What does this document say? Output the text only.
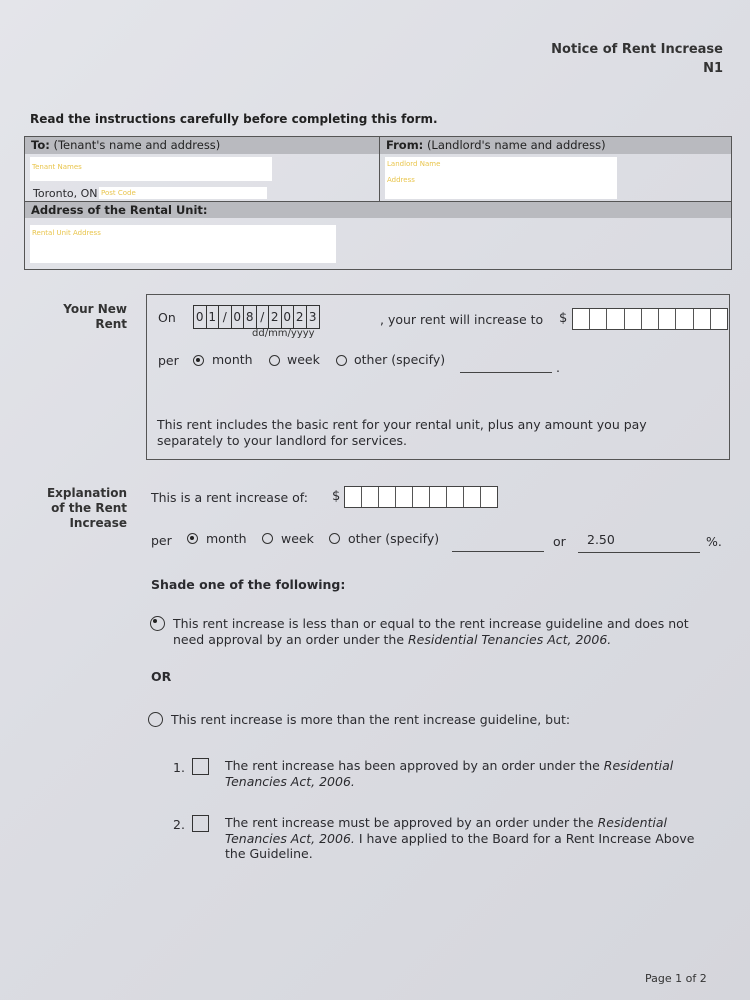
Notice of Rent Increase
N1
Read the instructions carefully before completing this form.
To: (Tenant's name and address)	From: (Landlord's name and address)
Tenant Names
Toronto, ON Post Code
Landlord Name
Address
Address of the Rental Unit:
Rental Unit Address
Your New
Rent On 0 1 / 0 8 / 2 0 2 3
dd/mm/yyyy
, your rent will increase to $
per	month	week	other (specify)
.
This rent includes the basic rent for your rental unit, plus any amount you pay
separately to your landlord for services.
Explanation
of the Rent
Increase
This is a rent increase of: $
per	month	week	other (specify)	or 2.50	%.
Shade one of the following:
This rent increase is less than or equal to the rent increase guideline and does not
need approval by an order under the Residential Tenancies Act, 2006.
OR
This rent increase is more than the rent increase guideline, but:
1.	The rent increase has been approved by an order under the Residential
Tenancies Act, 2006.
2.	The rent increase must be approved by an order under the Residential
Tenancies Act, 2006. I have applied to the Board for a Rent Increase Above
the Guideline.
Page 1 of 2
